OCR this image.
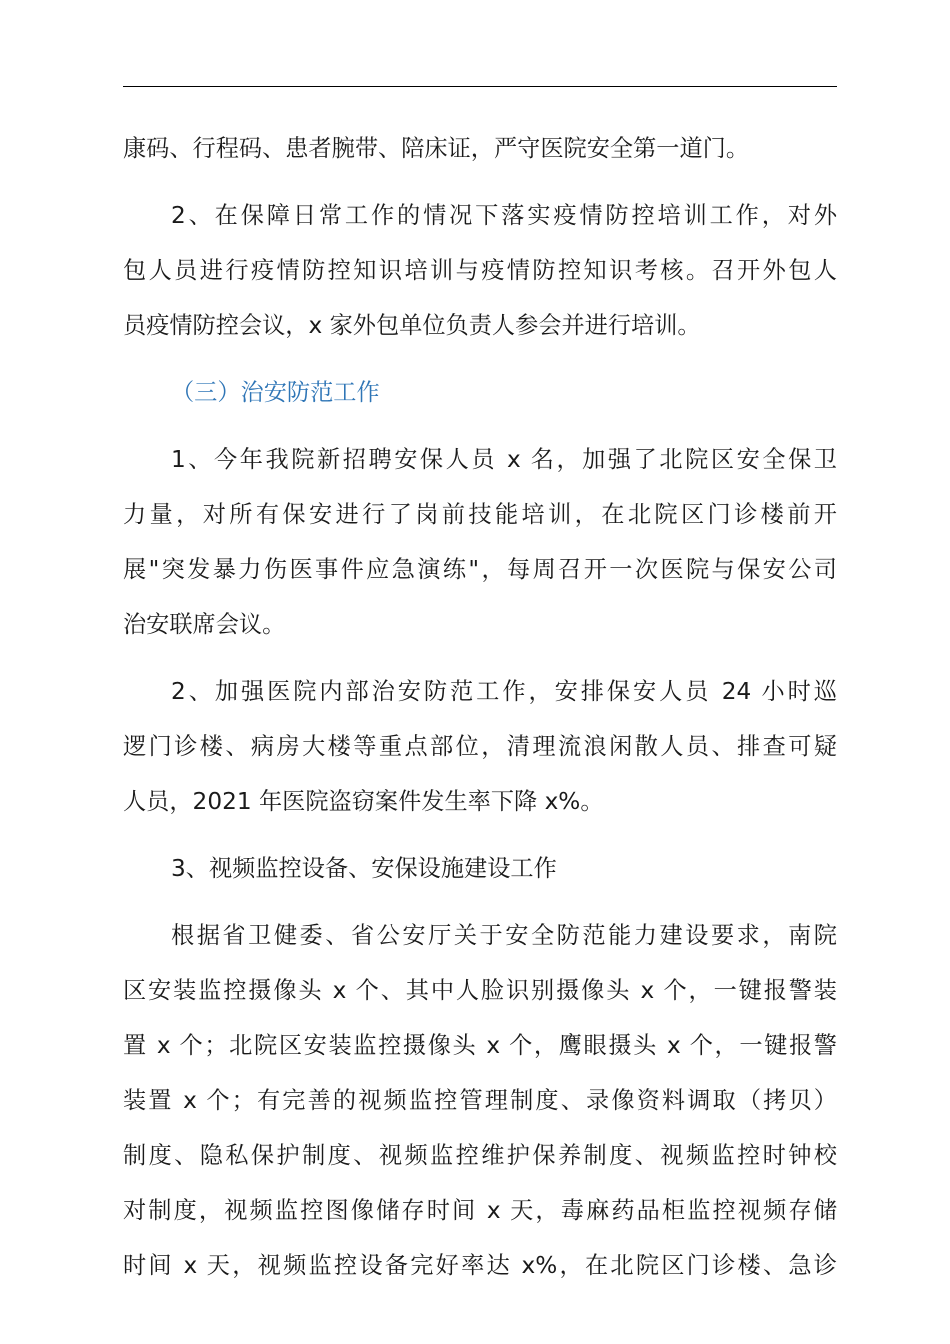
康码、行程码、患者腕带、陪床证，严守医院安全第一道门。
2、在保障日常工作的情况下落实疫情防控培训工作，对外
包人员进行疫情防控知识培训与疫情防控知识考核。召开外包人
员疫情防控会议，x 家外包单位负责人参会并进行培训。
（三）治安防范工作
1、今年我院新招聘安保人员 x 名，加强了北院区安全保卫
力量，对所有保安进行了岗前技能培训，在北院区门诊楼前开
展"突发暴力伤医事件应急演练"，每周召开一次医院与保安公司
治安联席会议。
2、加强医院内部治安防范工作，安排保安人员 24 小时巡
逻门诊楼、病房大楼等重点部位，清理流浪闲散人员、排查可疑
人员，2021 年医院盗窃案件发生率下降 x%。
3、视频监控设备、安保设施建设工作
根据省卫健委、省公安厅关于安全防范能力建设要求，南院
区安装监控摄像头 x 个、其中人脸识别摄像头 x 个，一键报警装
置 x 个；北院区安装监控摄像头 x 个，鹰眼摄头 x 个，一键报警
装置 x 个；有完善的视频监控管理制度、录像资料调取（拷贝）
制度、隐私保护制度、视频监控维护保养制度、视频监控时钟校
对制度，视频监控图像储存时间 x 天，毒麻药品柜监控视频存储
时间 x 天，视频监控设备完好率达 x%，在北院区门诊楼、急诊
